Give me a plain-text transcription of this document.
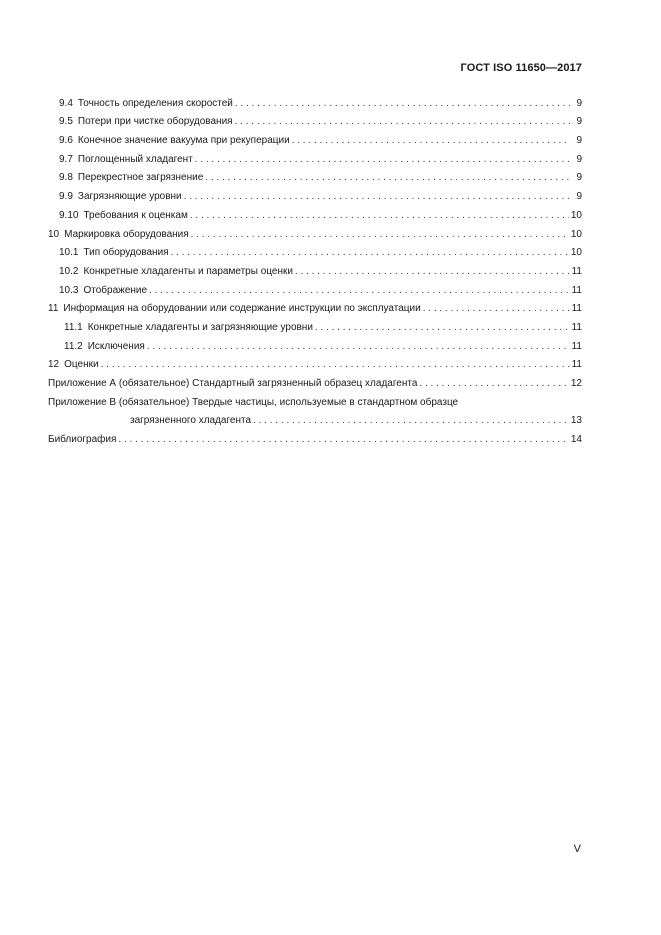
ГОСТ ISO 11650—2017
9.4 Точность определения скоростей . . .	9
9.5 Потери при чистке оборудования . . .	9
9.6 Конечное значение вакуума при рекуперации . . .	9
9.7 Поглощенный хладагент . . .	9
9.8 Перекрестное загрязнение . . .	9
9.9 Загрязняющие уровни . . .	9
9.10 Требования к оценкам . . .	10
10 Маркировка оборудования . . .	10
10.1 Тип оборудования . . .	10
10.2 Конкретные хладагенты и параметры оценки . . .	11
10.3 Отображение . . .	11
11 Информация на оборудовании или содержание инструкции по эксплуатации . . .	11
11.1 Конкретные хладагенты и загрязняющие уровни . . .	11
11.2 Исключения . . .	11
12 Оценки . . .	11
Приложение А (обязательное) Стандартный загрязненный образец хладагента . . .	12
Приложение В (обязательное) Твердые частицы, используемые в стандартном образце
загрязненного хладагента . . .	13
Библиография . . .	14
V
